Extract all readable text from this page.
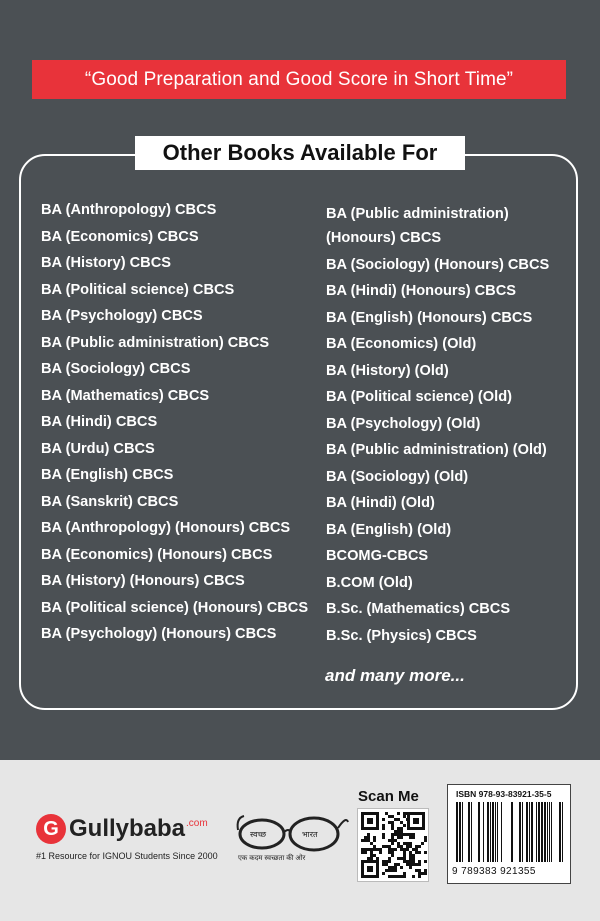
“Good Preparation and Good Score in Short Time”
Other Books Available For
BA (Anthropology) CBCS
BA (Economics) CBCS
BA (History) CBCS
BA (Political science) CBCS
BA (Psychology) CBCS
BA (Public administration) CBCS
BA (Sociology) CBCS
BA (Mathematics) CBCS
BA (Hindi) CBCS
BA (Urdu) CBCS
BA (English) CBCS
BA (Sanskrit) CBCS
BA (Anthropology) (Honours) CBCS
BA (Economics) (Honours) CBCS
BA (History) (Honours) CBCS
BA (Political science) (Honours) CBCS
BA (Psychology) (Honours) CBCS
BA (Public administration) (Honours) CBCS
BA (Sociology) (Honours) CBCS
BA (Hindi) (Honours) CBCS
BA (English) (Honours) CBCS
BA (Economics) (Old)
BA (History) (Old)
BA (Political science) (Old)
BA (Psychology) (Old)
BA (Public administration) (Old)
BA (Sociology) (Old)
BA (Hindi) (Old)
BA (English) (Old)
BCOMG-CBCS
B.COM (Old)
B.Sc. (Mathematics) CBCS
B.Sc. (Physics) CBCS
and many more...
G Gullybaba .com
#1 Resource for IGNOU Students Since 2000
स्वच्छ	भारत
एक कदम स्वच्छता की ओर
Scan Me	ISBN 978-93-83921-35-5
9 789383 921355
